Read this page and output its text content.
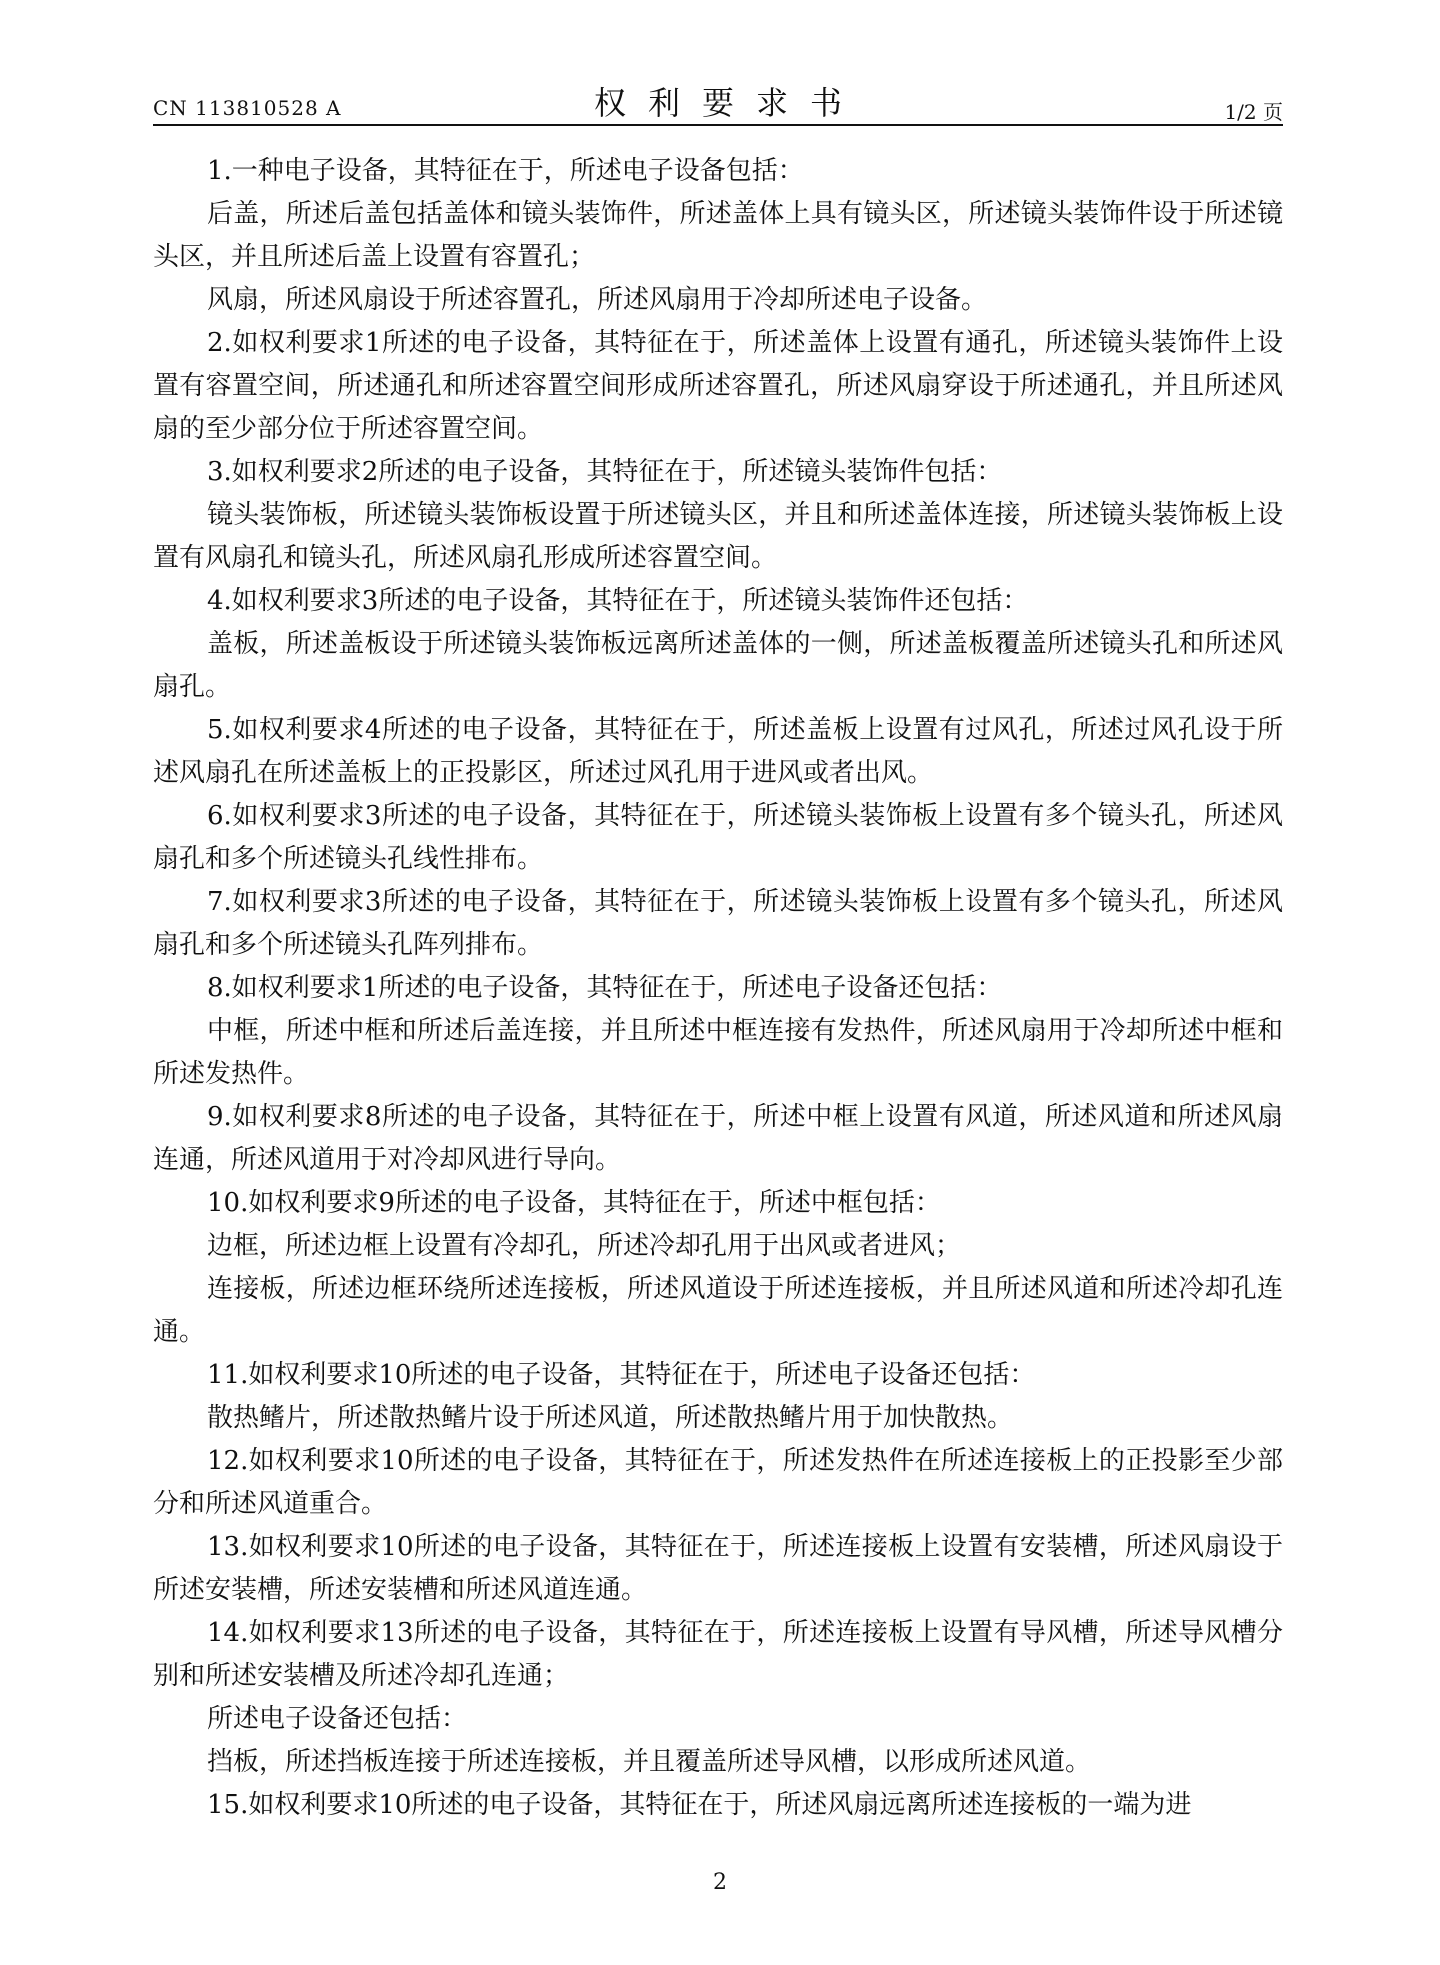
CN 113810528 A	权利要求书	1/2 页

1.一种电子设备，其特征在于，所述电子设备包括：

后盖，所述后盖包括盖体和镜头装饰件，所述盖体上具有镜头区，所述镜头装饰件设于所述镜头区，并且所述后盖上设置有容置孔；

风扇，所述风扇设于所述容置孔，所述风扇用于冷却所述电子设备。

2.如权利要求1所述的电子设备，其特征在于，所述盖体上设置有通孔，所述镜头装饰件上设置有容置空间，所述通孔和所述容置空间形成所述容置孔，所述风扇穿设于所述通孔，并且所述风扇的至少部分位于所述容置空间。

3.如权利要求2所述的电子设备，其特征在于，所述镜头装饰件包括：

镜头装饰板，所述镜头装饰板设置于所述镜头区，并且和所述盖体连接，所述镜头装饰板上设置有风扇孔和镜头孔，所述风扇孔形成所述容置空间。

4.如权利要求3所述的电子设备，其特征在于，所述镜头装饰件还包括：

盖板，所述盖板设于所述镜头装饰板远离所述盖体的一侧，所述盖板覆盖所述镜头孔和所述风扇孔。

5.如权利要求4所述的电子设备，其特征在于，所述盖板上设置有过风孔，所述过风孔设于所述风扇孔在所述盖板上的正投影区，所述过风孔用于进风或者出风。

6.如权利要求3所述的电子设备，其特征在于，所述镜头装饰板上设置有多个镜头孔，所述风扇孔和多个所述镜头孔线性排布。

7.如权利要求3所述的电子设备，其特征在于，所述镜头装饰板上设置有多个镜头孔，所述风扇孔和多个所述镜头孔阵列排布。

8.如权利要求1所述的电子设备，其特征在于，所述电子设备还包括：

中框，所述中框和所述后盖连接，并且所述中框连接有发热件，所述风扇用于冷却所述中框和所述发热件。

9.如权利要求8所述的电子设备，其特征在于，所述中框上设置有风道，所述风道和所述风扇连通，所述风道用于对冷却风进行导向。

10.如权利要求9所述的电子设备，其特征在于，所述中框包括：

边框，所述边框上设置有冷却孔，所述冷却孔用于出风或者进风；

连接板，所述边框环绕所述连接板，所述风道设于所述连接板，并且所述风道和所述冷却孔连通。

11.如权利要求10所述的电子设备，其特征在于，所述电子设备还包括：

散热鳍片，所述散热鳍片设于所述风道，所述散热鳍片用于加快散热。

12.如权利要求10所述的电子设备，其特征在于，所述发热件在所述连接板上的正投影至少部分和所述风道重合。

13.如权利要求10所述的电子设备，其特征在于，所述连接板上设置有安装槽，所述风扇设于所述安装槽，所述安装槽和所述风道连通。

14.如权利要求13所述的电子设备，其特征在于，所述连接板上设置有导风槽，所述导风槽分别和所述安装槽及所述冷却孔连通；

所述电子设备还包括：

挡板，所述挡板连接于所述连接板，并且覆盖所述导风槽，以形成所述风道。

15.如权利要求10所述的电子设备，其特征在于，所述风扇远离所述连接板的一端为进

2
